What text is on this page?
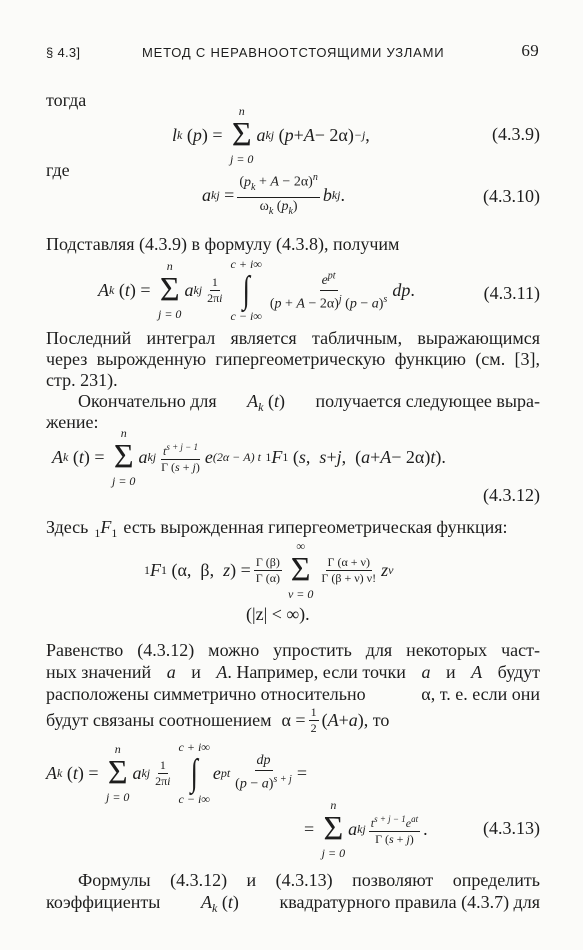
§ 4.3]	МЕТОД С НЕРАВНООТСТОЯЩИМИ УЗЛАМИ	69
тогда
l k ( p ) =
n
Σ
j = 0
a kj ( p + A − 2α) −j ,	(4.3.9)
где
a kj = $\frac{(p_k + A - 2\alpha)^n}{\omega_k (p_k)}$ b kj .	(4.3.10)
Подставляя (4.3.9) в формулу (4.3.8), получим
A k ( t ) =
n
Σ
j = 0
a kj $\frac{1}{2\pi i}$
c + i∞
∫
c − i∞
$\frac{e^{pt}}{(p + A - 2\alpha)^j (p - a)^s}$ dp .	(4.3.11)
Последний интеграл является табличным, выражающимся
через вырожденную гипергеометрическую функцию (см. [3],
стр. 231).
Окончательно для $A_k$ (t) получается следующее выра-
жение:
A k ( t ) =
n
Σ
j = 0
a kj $\frac{t^{s + j - 1}}{\Gamma (s + j)}$ e (2α − A) t
1 F 1 ( s , s + j ,  ( a + A − 2α) t ).
(4.3.12)
Здесь $_1F_1$ есть вырожденная гипергеометрическая функция:
1 F 1 (α,  β, z ) = $\frac{\Gamma (\beta)}{\Gamma (\alpha)}$
∞
Σ
ν = 0
$\frac{\Gamma (\alpha + \nu)}{\Gamma (\beta + \nu) \nu!}$ z ν
(|z| < ∞).
Равенство (4.3.12) можно упростить для некоторых част-
ных значений a и A. Например, если точки a и A будут
расположены симметрично относительно	α, т. е. если они
будут связаны соотношением $\alpha = \frac{1}{2}$ ( A + a ) , то
A k ( t ) =
n
Σ
j = 0
a kj $\frac{1}{2\pi i}$
c + i∞
∫
c − i∞
e pt $\frac{dp}{(p - a)^{s + j}}$ =
=
n
Σ
j = 0
a kj $\frac{t^{s + j - 1}e^{at}}{\Gamma (s + j)}$ .	(4.3.13)
Формулы (4.3.12) и (4.3.13) позволяют определить
коэффициенты $A_k$ (t) квадратурного правила (4.3.7) для
